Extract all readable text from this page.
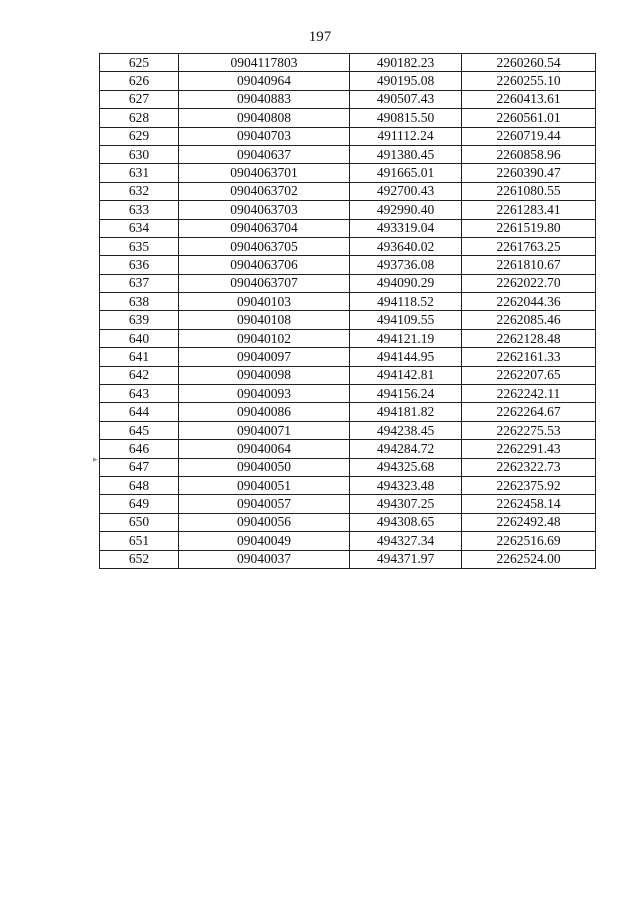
197
▸
625	0904117803	490182.23	2260260.54
626	09040964	490195.08	2260255.10
627	09040883	490507.43	2260413.61
628	09040808	490815.50	2260561.01
629	09040703	491112.24	2260719.44
630	09040637	491380.45	2260858.96
631	0904063701	491665.01	2260390.47
632	0904063702	492700.43	2261080.55
633	0904063703	492990.40	2261283.41
634	0904063704	493319.04	2261519.80
635	0904063705	493640.02	2261763.25
636	0904063706	493736.08	2261810.67
637	0904063707	494090.29	2262022.70
638	09040103	494118.52	2262044.36
639	09040108	494109.55	2262085.46
640	09040102	494121.19	2262128.48
641	09040097	494144.95	2262161.33
642	09040098	494142.81	2262207.65
643	09040093	494156.24	2262242.11
644	09040086	494181.82	2262264.67
645	09040071	494238.45	2262275.53
646	09040064	494284.72	2262291.43
647	09040050	494325.68	2262322.73
648	09040051	494323.48	2262375.92
649	09040057	494307.25	2262458.14
650	09040056	494308.65	2262492.48
651	09040049	494327.34	2262516.69
652	09040037	494371.97	2262524.00
